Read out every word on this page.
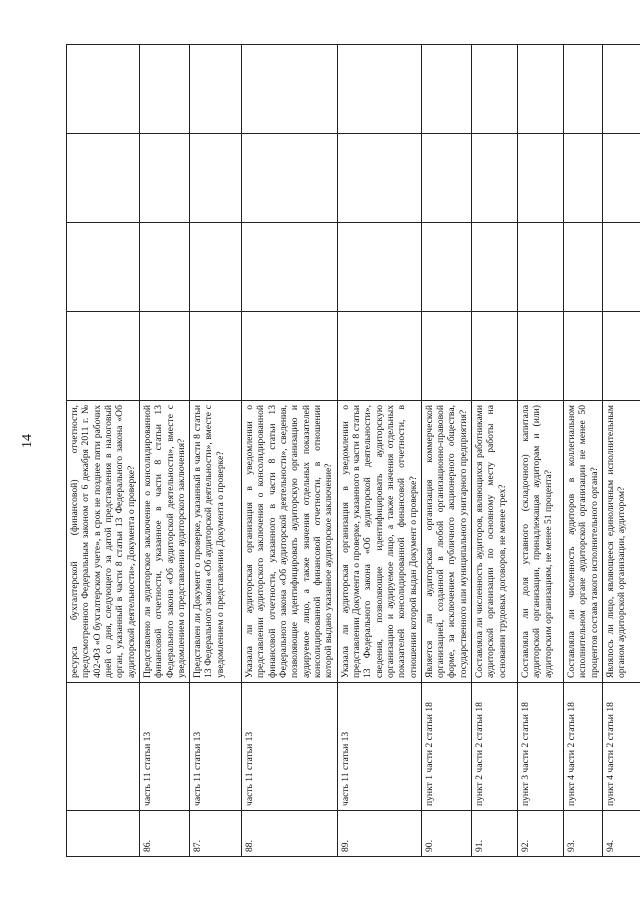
14
			ресурса бухгалтерской (финансовой) отчетности, предусмотренного Федеральным законом от 6 декабря 2011 г. № 402-ФЗ «О бухгалтерском учете», в срок не позднее пяти рабочих дней со дня, следующего за датой представления в налоговый орган, указанный в части 8 статьи 13 Федерального закона «Об аудиторской деятельности», Документа о проверке?				
86.	часть 11 статьи 13	Представлено ли аудиторское заключение о консолидированной финансовой отчетности, указанное в части 8 статьи 13 Федерального закона «Об аудиторской деятельности», вместе с уведомлением о представлении аудиторского заключения?				
87.	часть 11 статьи 13	Представлен ли Документ о проверке, указанный в части 8 статьи 13 Федерального закона «Об аудиторской деятельности», вместе с уведомлением о представлении Документа о проверке?				
88.	часть 11 статьи 13	Указала ли аудиторская организация в уведомлении о представлении аудиторского заключения о консолидированной финансовой отчетности, указанного в части 8 статьи 13 Федерального закона «Об аудиторской деятельности», сведения, позволяющие идентифицировать аудиторскую организацию и аудируемое лицо, а также значения отдельных показателей консолидированной финансовой отчетности, в отношении которой выдано указанное аудиторское заключение?				
89.	часть 11 статьи 13	Указала ли аудиторская организация в уведомлении о представлении Документа о проверке, указанного в части 8 статьи 13 Федерального закона «Об аудиторской деятельности», сведения, позволяющие идентифицировать аудиторскую организацию и аудируемое лицо, а также значения отдельных показателей консолидированной финансовой отчетности, в отношении которой выдан Документ о проверке?				
90.	пункт 1 части 2 статьи 18	Является ли аудиторская организация коммерческой организацией, созданной в любой организационно-правовой форме, за исключением публичного акционерного общества, государственного или муниципального унитарного предприятия?				
91.	пункт 2 части 2 статьи 18	Составляла ли численность аудиторов, являющихся работниками аудиторской организации по основному месту работы на основании трудовых договоров, не менее трех?				
92.	пункт 3 части 2 статьи 18	Составляла ли доля уставного (складочного) капитала аудиторской организации, принадлежащая аудиторам и (или) аудиторским организациям, не менее 51 процента?				
93.	пункт 4 части 2 статьи 18	Составляла ли численность аудиторов в коллегиальном исполнительном органе аудиторской организации не менее 50 процентов состава такого исполнительного органа?				
94.	пункт 4 части 2 статьи 18	Являлось ли лицо, являющееся единоличным исполнительным органом аудиторской организации, аудитором?				
